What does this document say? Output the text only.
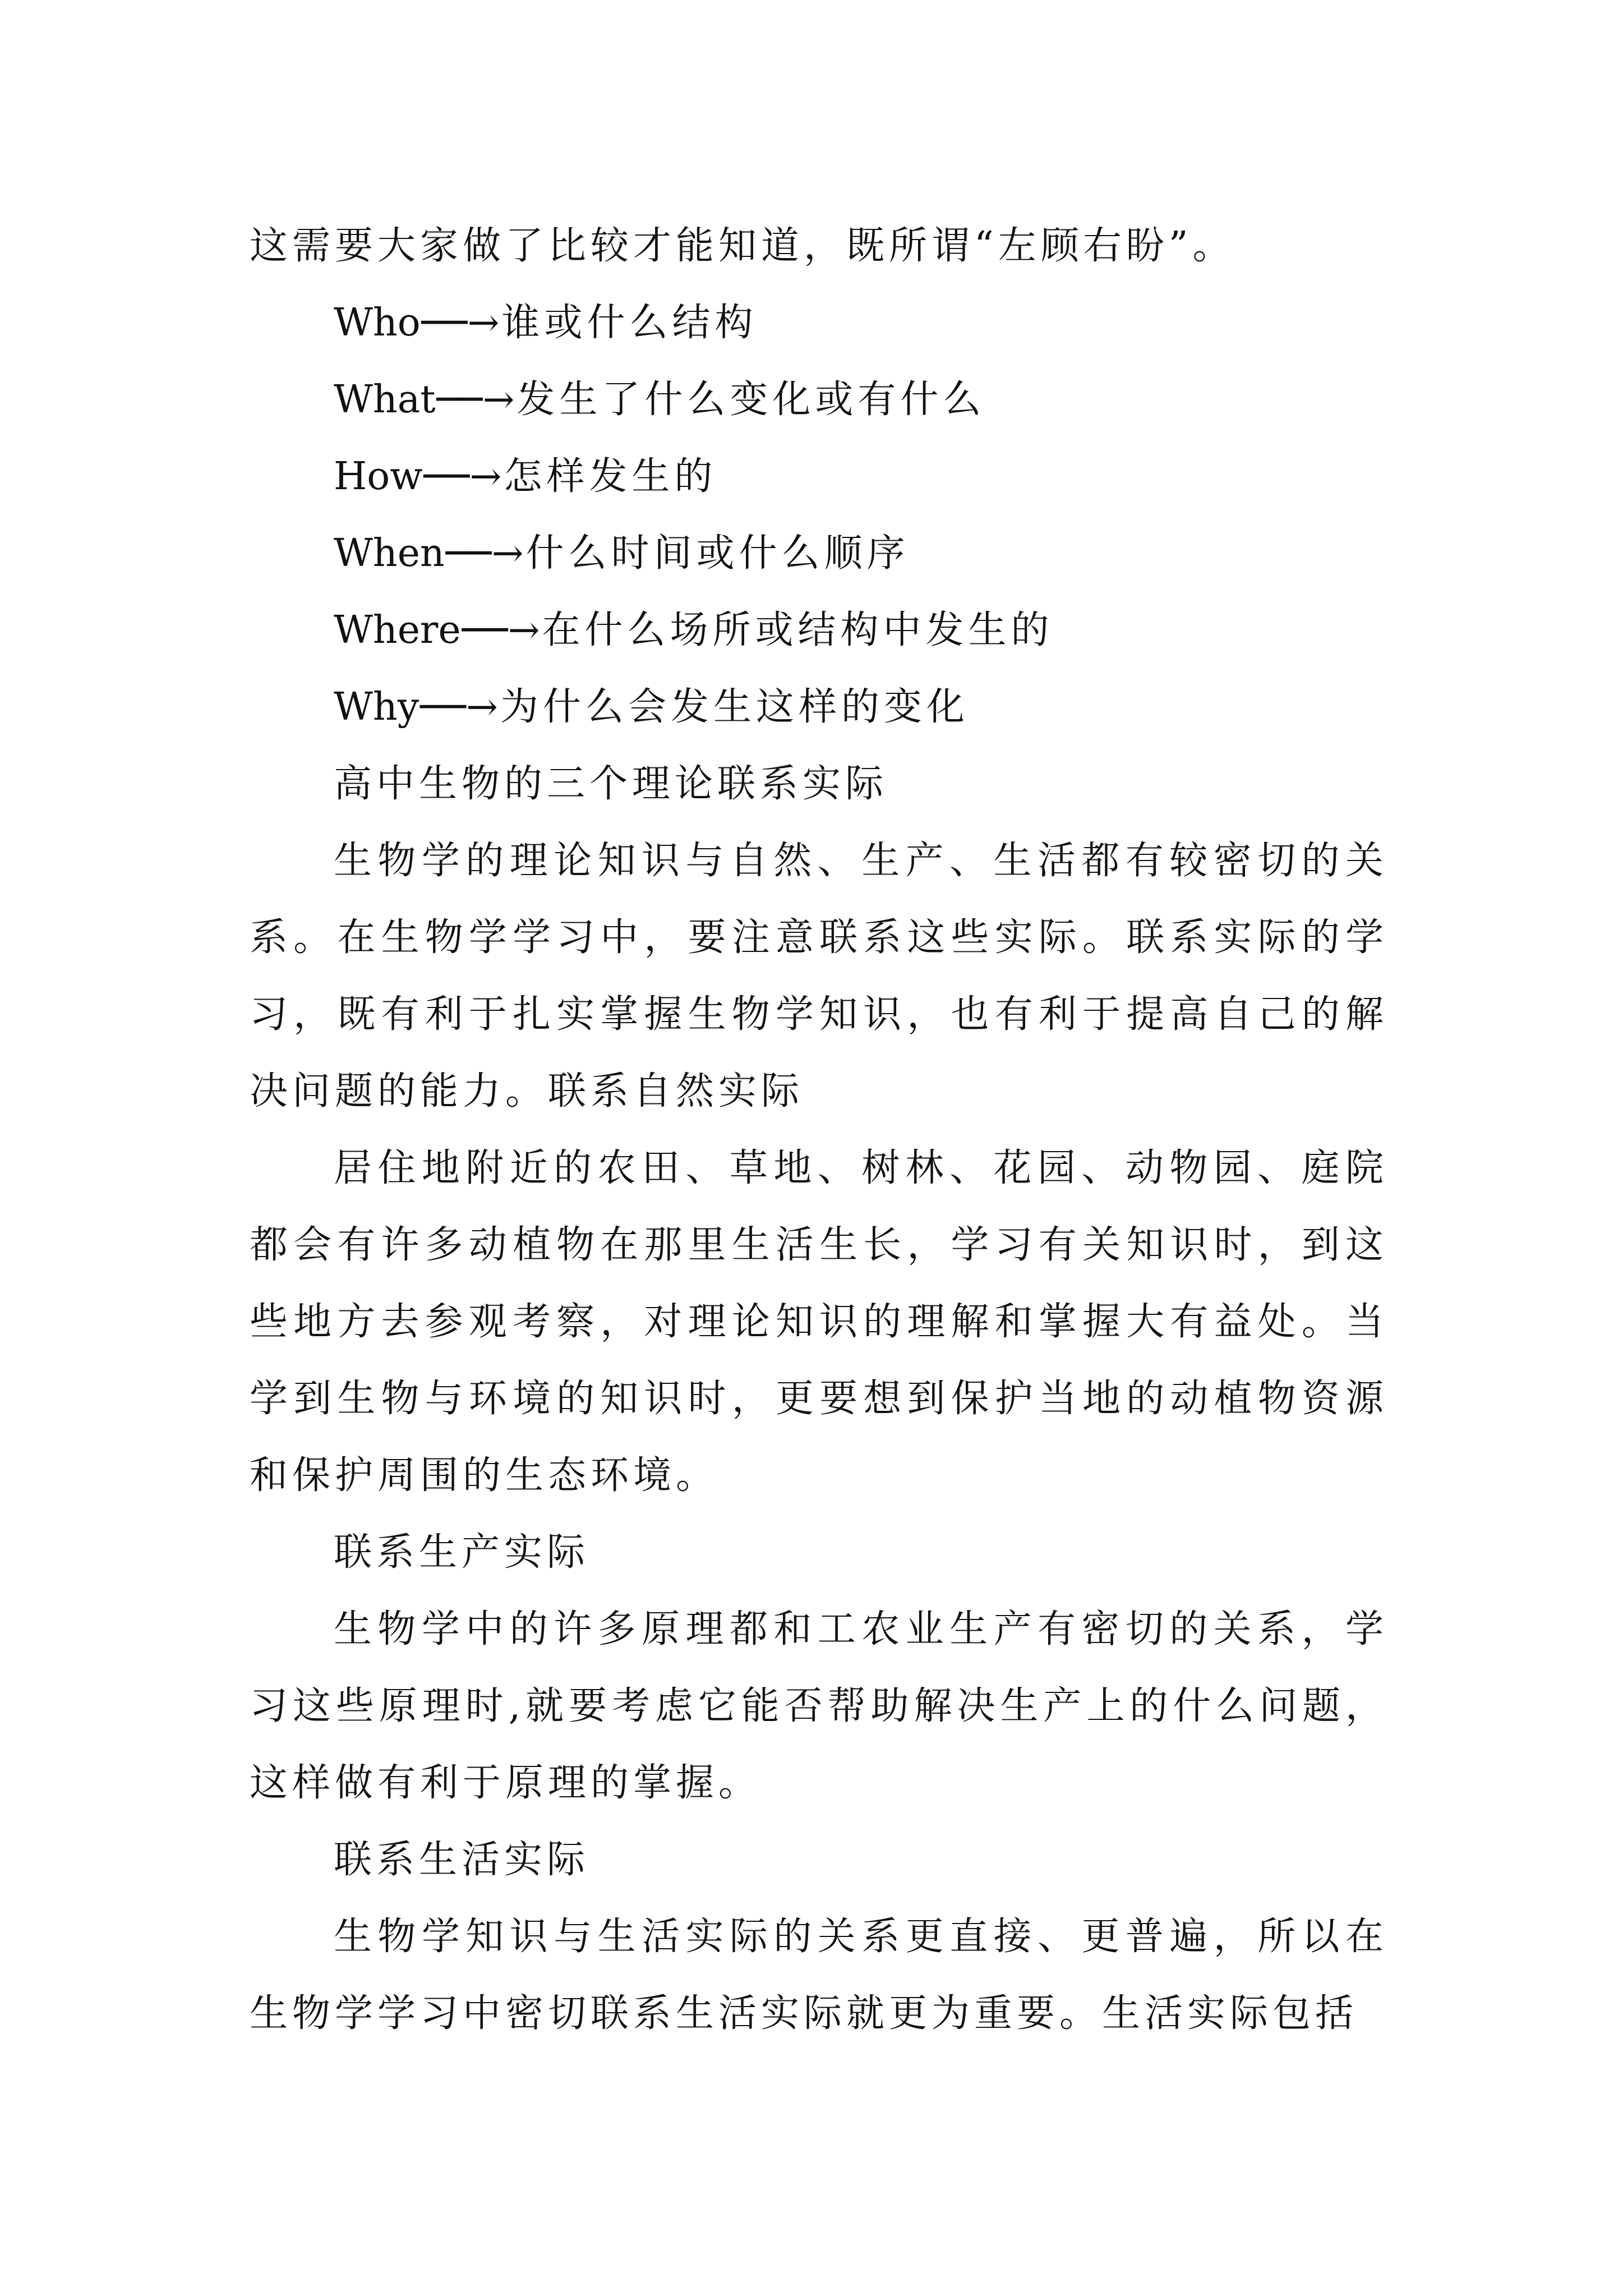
这需要大家做了比较才能知道，既所谓“左顾右盼”。

Who──→谁或什么结构
What──→发生了什么变化或有什么
How──→怎样发生的
When──→什么时间或什么顺序
Where──→在什么场所或结构中发生的
Why──→为什么会发生这样的变化

高中生物的三个理论联系实际

生物学的理论知识与自然、生产、生活都有较密切的关系。在生物学学习中，要注意联系这些实际。联系实际的学习，既有利于扎实掌握生物学知识，也有利于提高自己的解决问题的能力。联系自然实际

居住地附近的农田、草地、树林、花园、动物园、庭院都会有许多动植物在那里生活生长，学习有关知识时，到这些地方去参观考察，对理论知识的理解和掌握大有益处。当学到生物与环境的知识时，更要想到保护当地的动植物资源和保护周围的生态环境。

联系生产实际

生物学中的许多原理都和工农业生产有密切的关系，学习这些原理时,就要考虑它能否帮助解决生产上的什么问题，这样做有利于原理的掌握。

联系生活实际

生物学知识与生活实际的关系更直接、更普遍，所以在生物学学习中密切联系生活实际就更为重要。生活实际包括
